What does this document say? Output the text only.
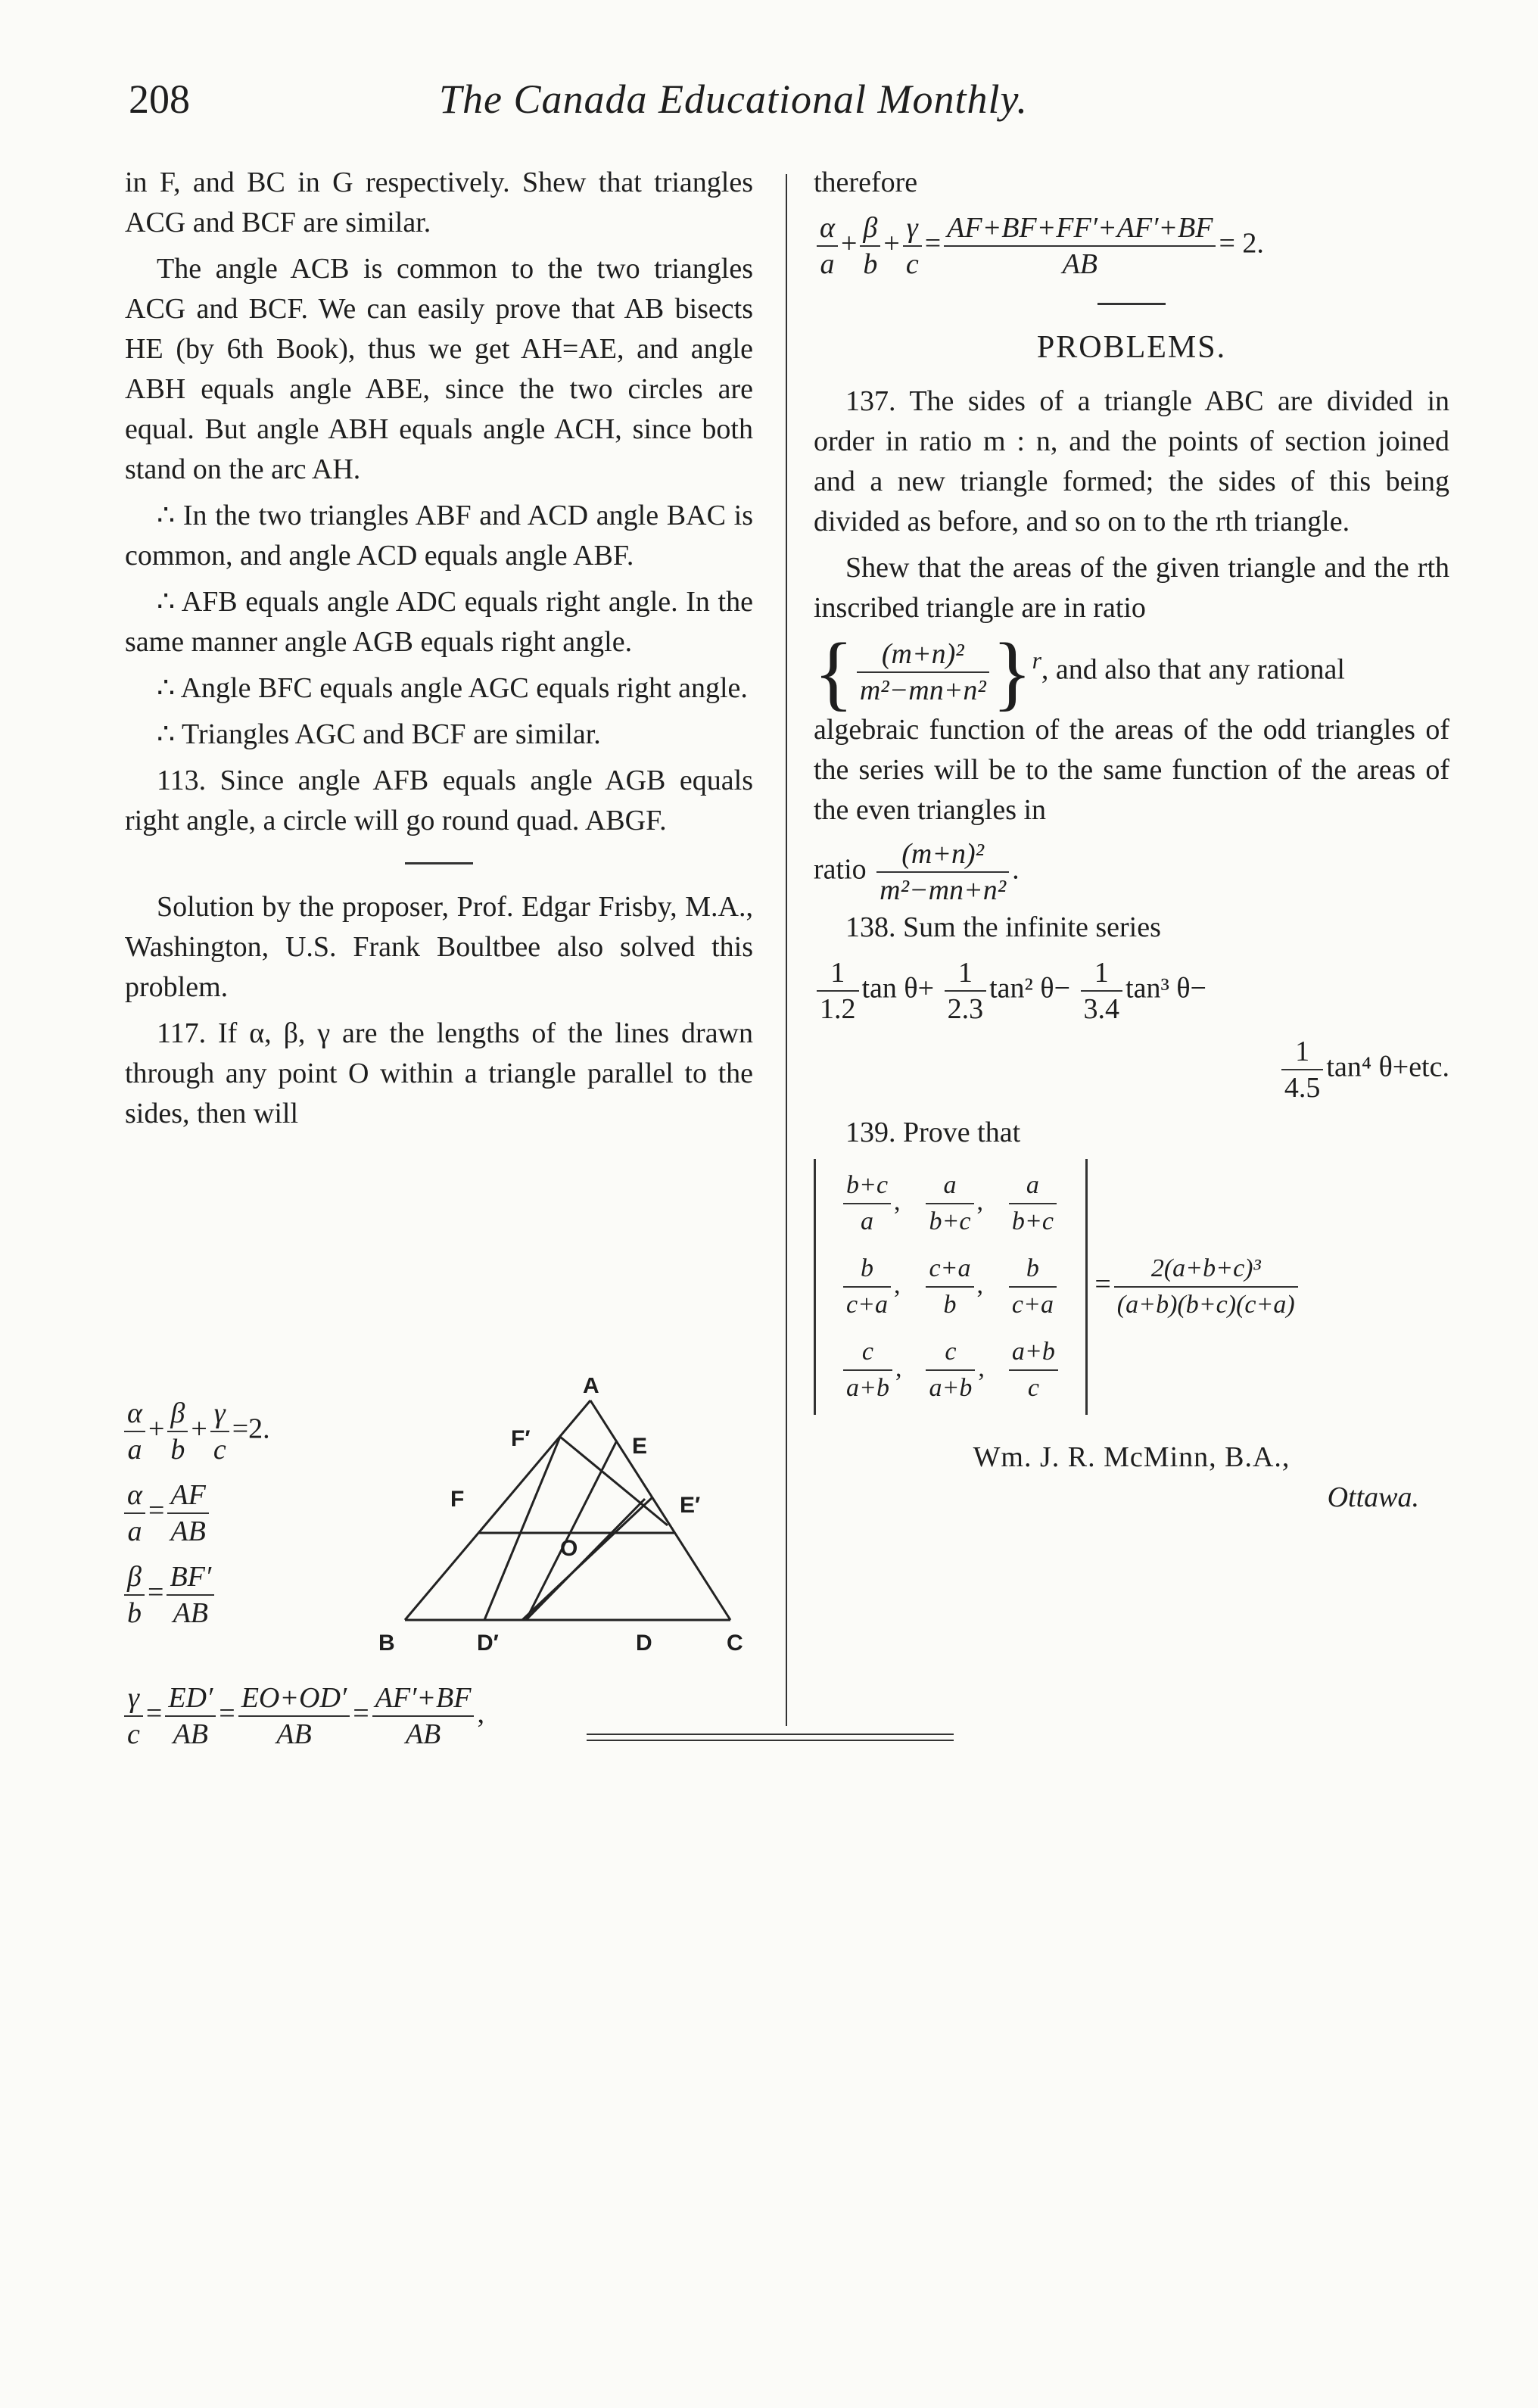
208	The Canada Educational Monthly.

in F, and BC in G respectively. Shew that triangles ACG and BCF are similar.

The angle ACB is common to the two triangles ACG and BCF. We can easily prove that AB bisects HE (by 6th Book), thus we get AH=AE, and angle ABH equals angle ABE, since the two circles are equal. But angle ABH equals angle ACH, since both stand on the arc AH.

∴ In the two triangles ABF and ACD angle BAC is common, and angle ACD equals angle ABF.

∴ AFB equals angle ADC equals right angle. In the same manner angle AGB equals right angle.

∴ Angle BFC equals angle AGC equals right angle.

∴ Triangles AGC and BCF are similar.

113. Since angle AFB equals angle AGB equals right angle, a circle will go round quad. ABGF.

Solution by the proposer, Prof. Edgar Frisby, M.A., Washington, U.S. Frank Boultbee also solved this problem.

117. If α, β, γ are the lengths of the lines drawn through any point O within a triangle parallel to the sides, then will

$\frac{\alpha}{a} + \frac{\beta}{b} + \frac{\gamma}{c} =2$.
$\frac{\alpha}{a} = \frac{AF}{AB}$
$\frac{\beta}{b} = \frac{BF'}{AB}$
A
B	C
D
D′
E
E′
F
F′
O
$\frac{\gamma}{c} = \frac{ED'}{AB} = \frac{EO+OD'}{AB} = \frac{AF'+BF}{AB}$ ,

therefore

$\frac{\alpha}{a} + \frac{\beta}{b} + \frac{\gamma}{c} = \frac{AF+BF+FF'+AF'+BF}{AB} = 2$.
PROBLEMS.

137. The sides of a triangle ABC are divided in order in ratio m : n, and the points of section joined and a new triangle formed; the sides of this being divided as before, and so on to the rth triangle.

Shew that the areas of the given triangle and the rth inscribed triangle are in ratio

{ $\frac{\text{(m+n)²}}{\text{m²−mn+n²}} \}^r$, and also that any rational

algebraic function of the areas of the odd triangles of the series will be to the same function of the areas of the even triangles in

ratio $\frac{\text{(m+n)²}}{\text{m²−mn+n²}}$ .

138. Sum the infinite series

$\frac{1}{1.2}$ $\tan \theta+ \frac{1}{2.3} \tan^2$ $\theta- \frac{1}{3.4} \tan^3$ θ−
$\frac{1}{4.5} \tan^4$ θ+etc.

139. Prove that

$\frac{b+c}{a}$ ,	$\frac{a}{b+c}$ ,	$\frac{a}{b+c}$

$\frac{b}{c+a}$ ,	$\frac{c+a}{b}$ ,	$\frac{b}{c+a}$

$\frac{c}{a+b}$ ,	$\frac{c}{a+b}$ ,	$\frac{a+b}{c}$
= $\frac{\text{2(a+b+c)³}}{(a+b)(b+c)(c+a)}$
Wm. J. R. McMinn, B.A.,
Ottawa.
